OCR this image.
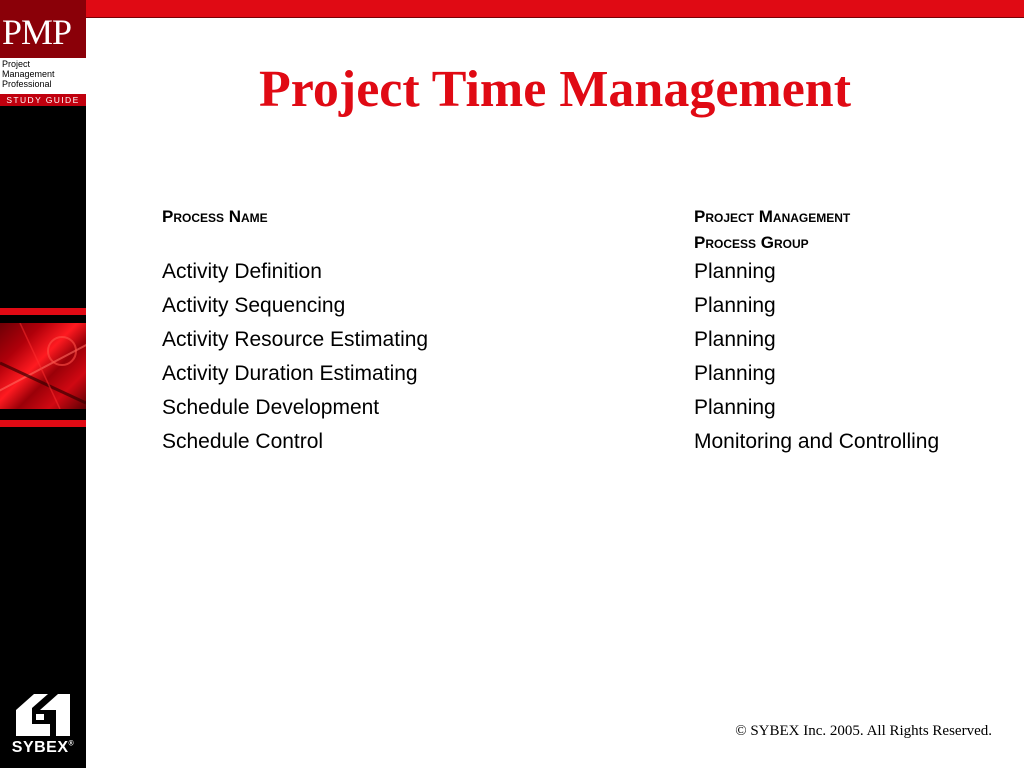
PMP
Project
Management
Professional
STUDY GUIDE
SYBEX®
Project Time Management
Process Name	Project Management
Process Group
Activity Definition	Planning
Activity Sequencing	Planning
Activity Resource Estimating	Planning
Activity Duration Estimating	Planning
Schedule Development	Planning
Schedule Control	Monitoring and Controlling
© SYBEX Inc. 2005. All Rights Reserved.
